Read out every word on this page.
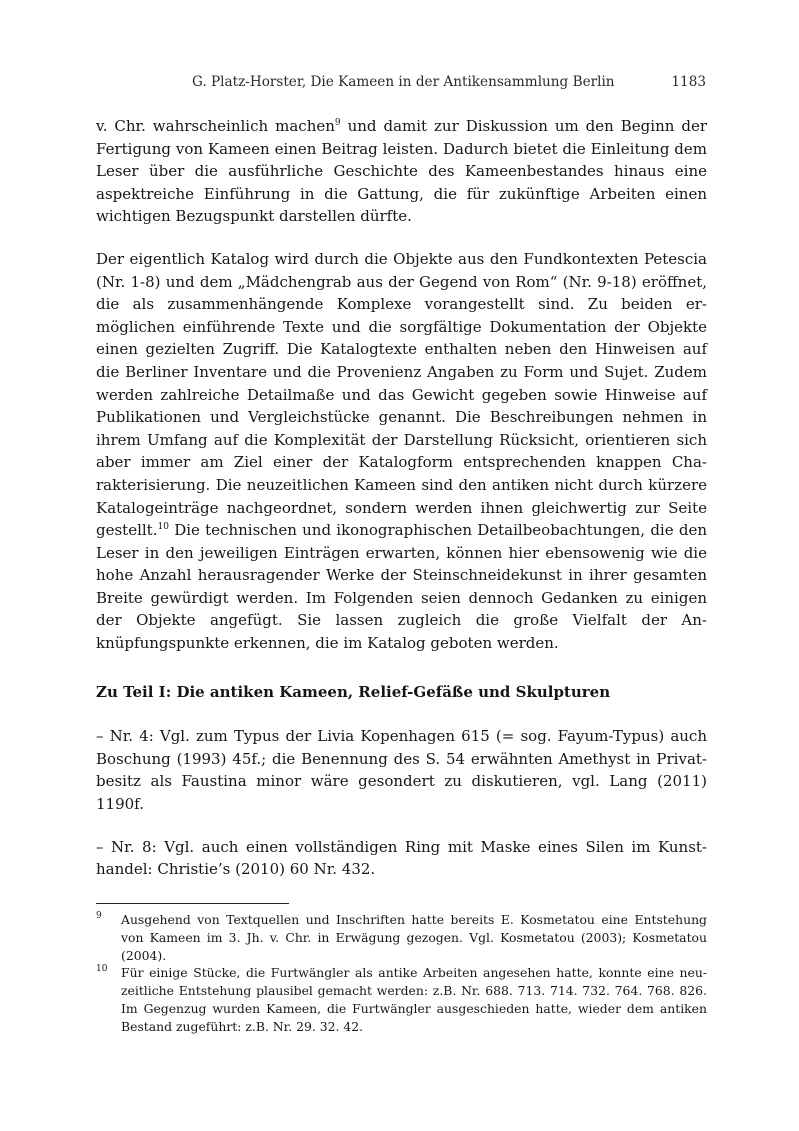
G. Platz-Horster, Die Kameen in der Antikensammlung Berlin	1183

v. Chr. wahrscheinlich machen$^9$ und damit zur Diskussion um den Beginn der Fertigung von Kameen einen Beitrag leisten. Dadurch bietet die Einleitung dem Leser über die ausführliche Geschichte des Kameenbestandes hinaus eine aspektreiche Einführung in die Gattung, die für zukünftige Arbeiten einen wichtigen Bezugspunkt darstellen dürfte.

Der eigentlich Katalog wird durch die Objekte aus den Fundkontexten Petescia (Nr. 1-8) und dem „Mädchengrab aus der Gegend von Rom“ (Nr. 9-18) eröffnet, die als zusammenhängende Komplexe vorangestellt sind. Zu beiden ermöglichen einführende Texte und die sorgfältige Dokumentation der Objekte einen gezielten Zugriff. Die Katalogtexte enthalten neben den Hinweisen auf die Berliner Inventare und die Provenienz Angaben zu Form und Sujet. Zudem werden zahlreiche Detailmaße und das Gewicht gegeben sowie Hinweise auf Publikationen und Vergleichstücke genannt. Die Beschreibungen nehmen in ihrem Umfang auf die Komplexität der Darstellung Rücksicht, orientieren sich aber immer am Ziel einer der Katalogform entsprechenden knappen Charakterisierung. Die neuzeitlichen Kameen sind den antiken nicht durch kürzere Katalogeinträge nachgeordnet, sondern werden ihnen gleichwertig zur Seite gestellt.$^{10}$ Die technischen und ikonographischen Detailbeobachtungen, die den Leser in den jeweiligen Einträgen erwarten, können hier ebensowenig wie die hohe Anzahl herausragender Werke der Steinschneidekunst in ihrer gesamten Breite gewürdigt werden. Im Folgenden seien dennoch Gedanken zu einigen der Objekte angefügt. Sie lassen zugleich die große Vielfalt der Anknüpfungspunkte erkennen, die im Katalog geboten werden.

Zu Teil I: Die antiken Kameen, Relief-Gefäße und Skulpturen

– Nr. 4: Vgl. zum Typus der Livia Kopenhagen 615 (= sog. Fayum-Typus) auch Boschung (1993) 45f.; die Benennung des S. 54 erwähnten Amethyst in Privatbesitz als Faustina minor wäre gesondert zu diskutieren, vgl. Lang (2011) 1190f.

– Nr. 8: Vgl. auch einen vollständigen Ring mit Maske eines Silen im Kunsthandel: Christie’s (2010) 60 Nr. 432.

9 Ausgehend von Textquellen und Inschriften hatte bereits E. Kosmetatou eine Entstehung von Kameen im 3. Jh. v. Chr. in Erwägung gezogen. Vgl. Kosmetatou (2003); Kosmetatou (2004).
10 Für einige Stücke, die Furtwängler als antike Arbeiten angesehen hatte, konnte eine neuzeitliche Entstehung plausibel gemacht werden: z.B. Nr. 688. 713. 714. 732. 764. 768. 826. Im Gegenzug wurden Kameen, die Furtwängler ausgeschieden hatte, wieder dem antiken Bestand zugeführt: z.B. Nr. 29. 32. 42.
